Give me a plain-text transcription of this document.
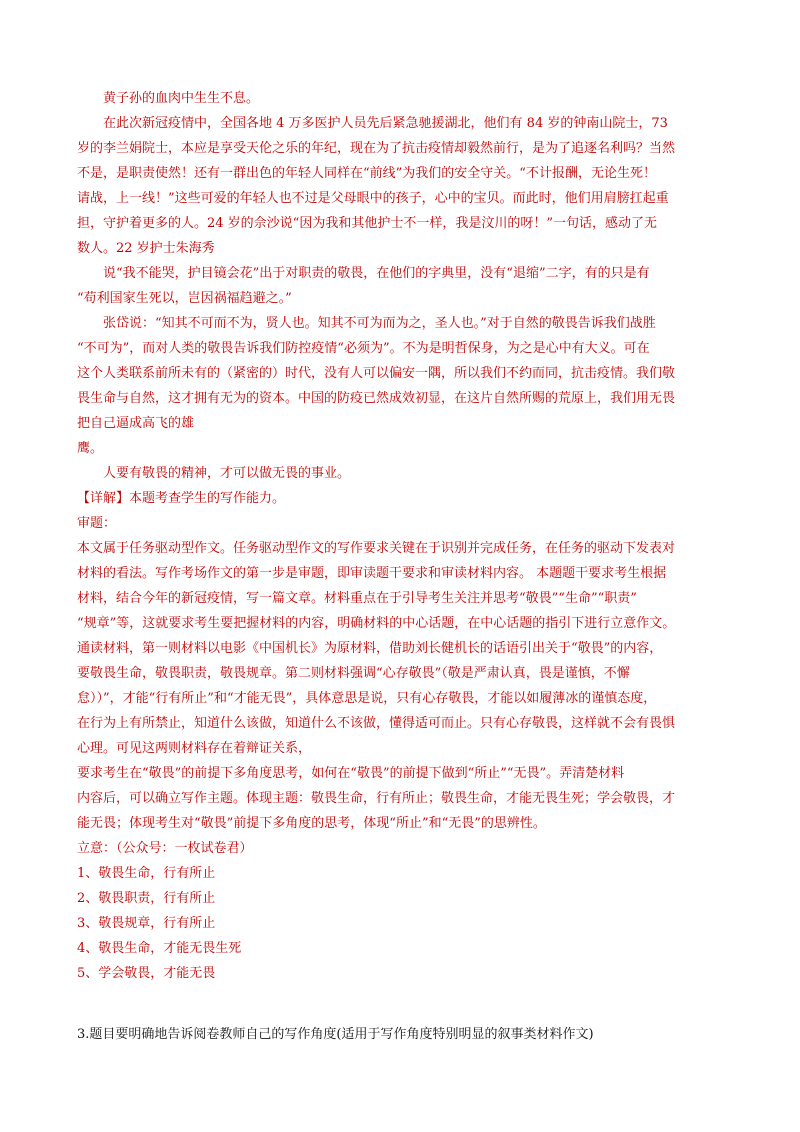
黄子孙的血肉中生生不息。
在此次新冠疫情中，全国各地 4 万多医护人员先后紧急驰援湖北，他们有 84 岁的钟南山院士，73
岁的李兰娟院士，本应是享受天伦之乐的年纪，现在为了抗击疫情却毅然前行，是为了追逐名利吗？当然
不是，是职责使然！还有一群出色的年轻人同样在“前线”为我们的安全守关。“不计报酬，无论生死！
请战，上一线！”这些可爱的年轻人也不过是父母眼中的孩子，心中的宝贝。而此时，他们用肩膀扛起重
担，守护着更多的人。24 岁的佘沙说“因为我和其他护士不一样，我是汶川的呀！”一句话，感动了无
数人。22 岁护士朱海秀
说“我不能哭，护目镜会花”出于对职责的敬畏，在他们的字典里，没有“退缩”二字，有的只是有
“苟利国家生死以，岂因祸福趋避之。”
张岱说：“知其不可而不为，贤人也。知其不可为而为之，圣人也。”对于自然的敬畏告诉我们战胜
“不可为”，而对人类的敬畏告诉我们防控疫情“必须为”。不为是明哲保身，为之是心中有大义。可在
这个人类联系前所未有的（紧密的）时代，没有人可以偏安一隅，所以我们不约而同，抗击疫情。我们敬
畏生命与自然，这才拥有无为的资本。中国的防疫已然成效初显，在这片自然所赐的荒原上，我们用无畏
把自己逼成高飞的雄
鹰。
人要有敬畏的精神，才可以做无畏的事业。
【详解】本题考查学生的写作能力。
审题：
本文属于任务驱动型作文。任务驱动型作文的写作要求关键在于识别并完成任务，在任务的驱动下发表对
材料的看法。写作考场作文的第一步是审题，即审读题干要求和审读材料内容。 本题题干要求考生根据
材料，结合今年的新冠疫情，写一篇文章。材料重点在于引导考生关注并思考“敬畏”“生命”“职责”
“规章”等，这就要求考生要把握材料的内容，明确材料的中心话题，在中心话题的指引下进行立意作文。
通读材料，第一则材料以电影《中国机长》为原材料，借助刘长健机长的话语引出关于“敬畏”的内容，
要敬畏生命，敬畏职责，敬畏规章。第二则材料强调“心存敬畏”（敬是严肃认真，畏是谨慎，不懈
怠））”，才能“行有所止”和“才能无畏”，具体意思是说，只有心存敬畏，才能以如履薄冰的谨慎态度，
在行为上有所禁止，知道什么该做，知道什么不该做，懂得适可而止。只有心存敬畏，这样就不会有畏惧
心理。可见这两则材料存在着辩证关系，
要求考生在“敬畏”的前提下多角度思考，如何在“敬畏”的前提下做到“所止”“无畏”。弄清楚材料
内容后，可以确立写作主题。体现主题：敬畏生命，行有所止；敬畏生命，才能无畏生死；学会敬畏，才
能无畏；体现考生对“敬畏”前提下多角度的思考，体现“所止”和“无畏”的思辨性。
立意：（公众号：一枚试卷君）
1、敬畏生命，行有所止
2、敬畏职责，行有所止
3、敬畏规章，行有所止
4、敬畏生命，才能无畏生死
5、学会敬畏，才能无畏
3.题目要明确地告诉阅卷教师自己的写作角度(适用于写作角度特别明显的叙事类材料作文)
